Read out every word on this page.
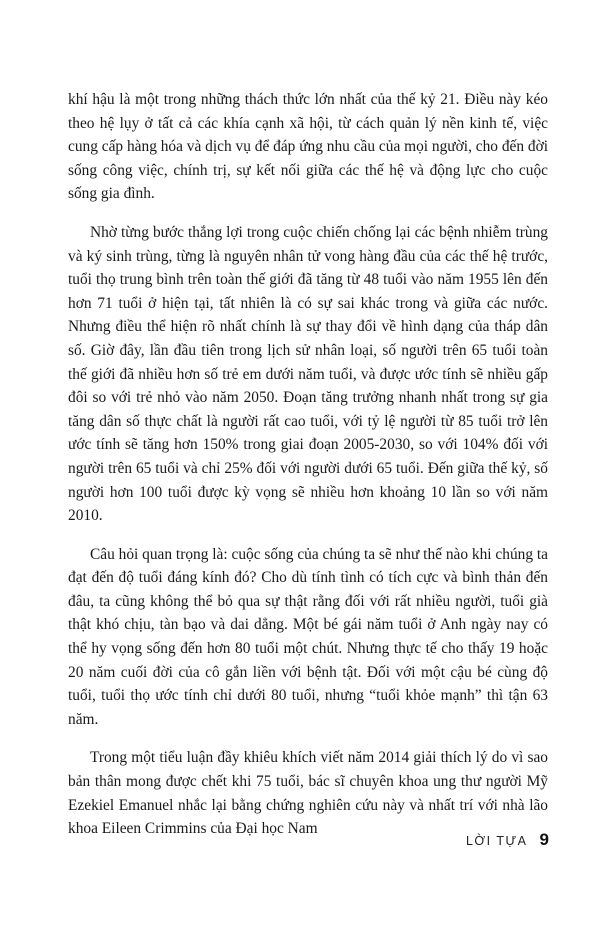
khí hậu là một trong những thách thức lớn nhất của thế kỷ 21. Điều này kéo theo hệ lụy ở tất cả các khía cạnh xã hội, từ cách quản lý nền kinh tế, việc cung cấp hàng hóa và dịch vụ để đáp ứng nhu cầu của mọi người, cho đến đời sống công việc, chính trị, sự kết nối giữa các thế hệ và động lực cho cuộc sống gia đình.

Nhờ từng bước thắng lợi trong cuộc chiến chống lại các bệnh nhiễm trùng và ký sinh trùng, từng là nguyên nhân tử vong hàng đầu của các thế hệ trước, tuổi thọ trung bình trên toàn thế giới đã tăng từ 48 tuổi vào năm 1955 lên đến hơn 71 tuổi ở hiện tại, tất nhiên là có sự sai khác trong và giữa các nước. Nhưng điều thể hiện rõ nhất chính là sự thay đổi về hình dạng của tháp dân số. Giờ đây, lần đầu tiên trong lịch sử nhân loại, số người trên 65 tuổi toàn thế giới đã nhiều hơn số trẻ em dưới năm tuổi, và được ước tính sẽ nhiều gấp đôi so với trẻ nhỏ vào năm 2050. Đoạn tăng trưởng nhanh nhất trong sự gia tăng dân số thực chất là người rất cao tuổi, với tỷ lệ người từ 85 tuổi trở lên ước tính sẽ tăng hơn 150% trong giai đoạn 2005-2030, so với 104% đối với người trên 65 tuổi và chỉ 25% đối với người dưới 65 tuổi. Đến giữa thế kỷ, số người hơn 100 tuổi được kỳ vọng sẽ nhiều hơn khoảng 10 lần so với năm 2010.

Câu hỏi quan trọng là: cuộc sống của chúng ta sẽ như thế nào khi chúng ta đạt đến độ tuổi đáng kính đó? Cho dù tính tình có tích cực và bình thản đến đâu, ta cũng không thể bỏ qua sự thật rằng đối với rất nhiều người, tuổi già thật khó chịu, tàn bạo và dai dẳng. Một bé gái năm tuổi ở Anh ngày nay có thể hy vọng sống đến hơn 80 tuổi một chút. Nhưng thực tế cho thấy 19 hoặc 20 năm cuối đời của cô gắn liền với bệnh tật. Đối với một cậu bé cùng độ tuổi, tuổi thọ ước tính chỉ dưới 80 tuổi, nhưng “tuổi khỏe mạnh” thì tận 63 năm.

Trong một tiểu luận đầy khiêu khích viết năm 2014 giải thích lý do vì sao bản thân mong được chết khi 75 tuổi, bác sĩ chuyên khoa ung thư người Mỹ Ezekiel Emanuel nhắc lại bằng chứng nghiên cứu này và nhất trí với nhà lão khoa Eileen Crimmins của Đại học Nam

LỜI TỰA 9
